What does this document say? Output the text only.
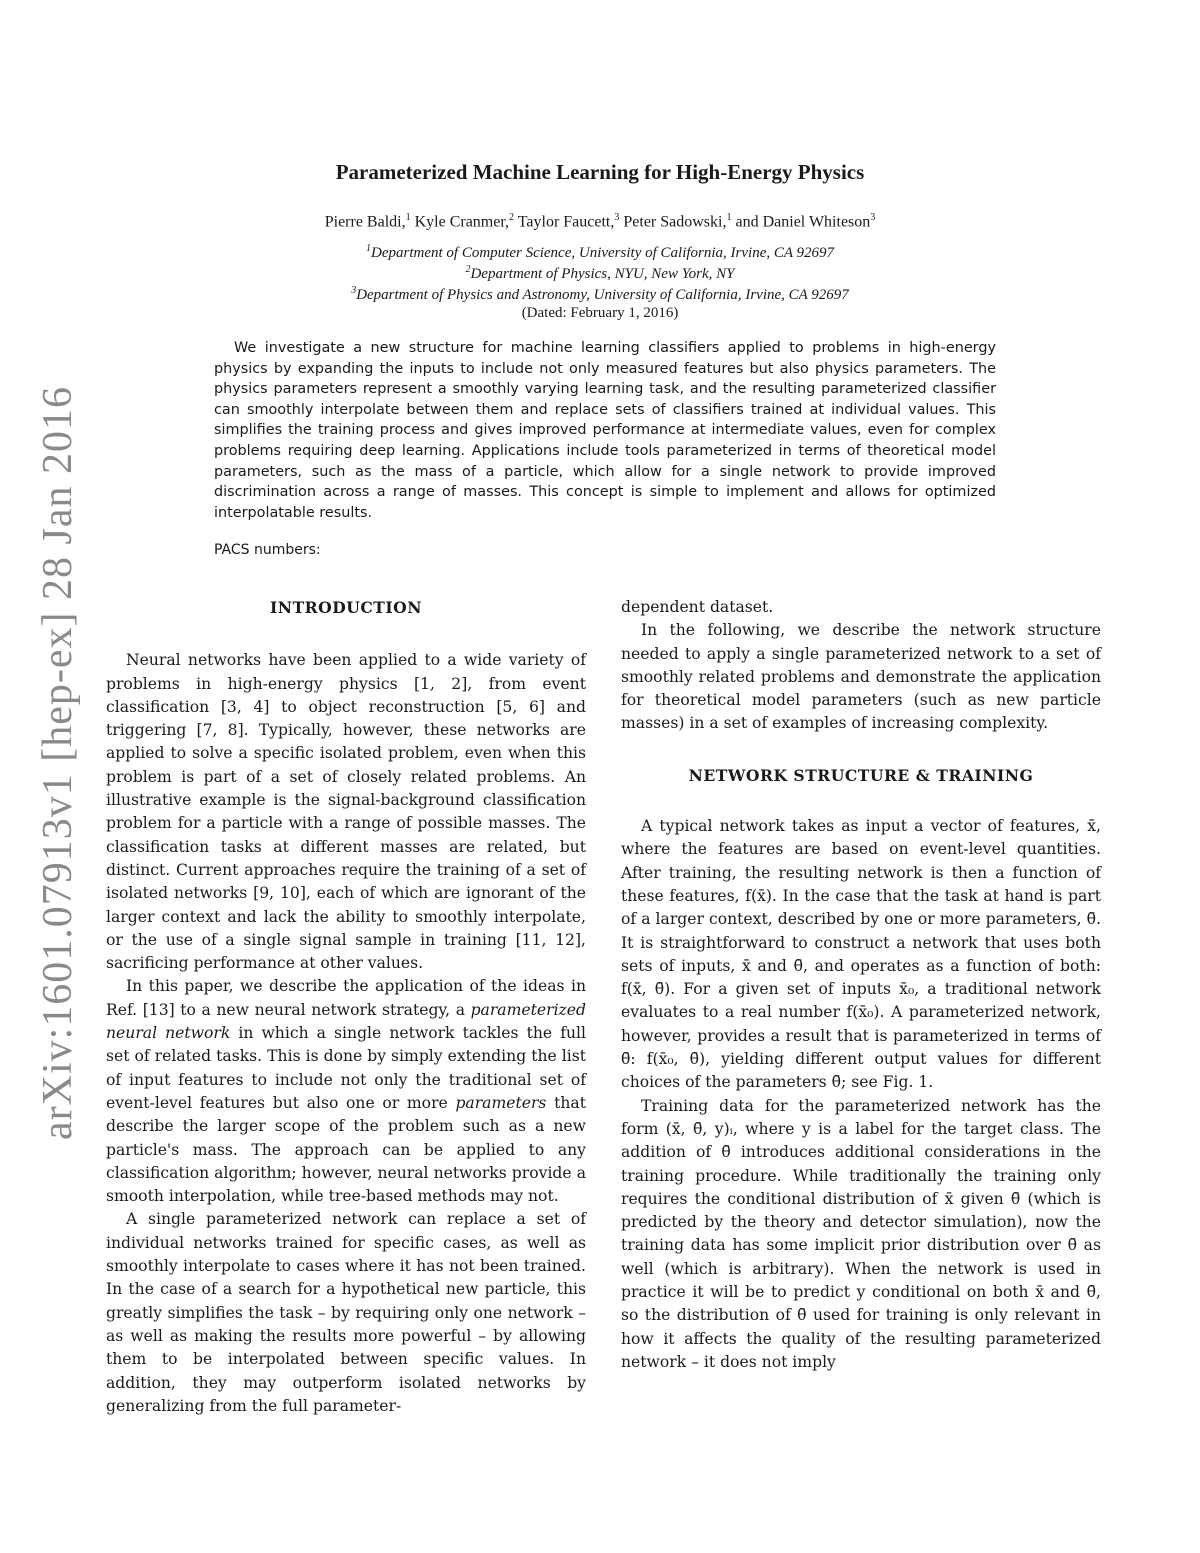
arXiv:1601.07913v1 [hep-ex] 28 Jan 2016
Parameterized Machine Learning for High-Energy Physics
Pierre Baldi,$^1$ Kyle Cranmer,$^2$ Taylor Faucett,$^3$ Peter Sadowski,$^1$ and Daniel Whiteson$^3$
$^1$Department of Computer Science, University of California, Irvine, CA 92697
$^2$Department of Physics, NYU, New York, NY
$^3$Department of Physics and Astronomy, University of California, Irvine, CA 92697
(Dated: February 1, 2016)
We investigate a new structure for machine learning classifiers applied to problems in high-energy physics by expanding the inputs to include not only measured features but also physics parameters. The physics parameters represent a smoothly varying learning task, and the resulting parameterized classifier can smoothly interpolate between them and replace sets of classifiers trained at individual values. This simplifies the training process and gives improved performance at intermediate values, even for complex problems requiring deep learning. Applications include tools parameterized in terms of theoretical model parameters, such as the mass of a particle, which allow for a single network to provide improved discrimination across a range of masses. This concept is simple to implement and allows for optimized interpolatable results.
PACS numbers:
INTRODUCTION

Neural networks have been applied to a wide variety of problems in high-energy physics [1, 2], from event classification [3, 4] to object reconstruction [5, 6] and triggering [7, 8]. Typically, however, these networks are applied to solve a specific isolated problem, even when this problem is part of a set of closely related problems. An illustrative example is the signal-background classification problem for a particle with a range of possible masses. The classification tasks at different masses are related, but distinct. Current approaches require the training of a set of isolated networks [9, 10], each of which are ignorant of the larger context and lack the ability to smoothly interpolate, or the use of a single signal sample in training [11, 12], sacrificing performance at other values.

In this paper, we describe the application of the ideas in Ref. [13] to a new neural network strategy, a parameterized neural network in which a single network tackles the full set of related tasks. This is done by simply extending the list of input features to include not only the traditional set of event-level features but also one or more parameters that describe the larger scope of the problem such as a new particle's mass. The approach can be applied to any classification algorithm; however, neural networks provide a smooth interpolation, while tree-based methods may not.

A single parameterized network can replace a set of individual networks trained for specific cases, as well as smoothly interpolate to cases where it has not been trained. In the case of a search for a hypothetical new particle, this greatly simplifies the task – by requiring only one network – as well as making the results more powerful – by allowing them to be interpolated between specific values. In addition, they may outperform isolated networks by generalizing from the full parameter-

dependent dataset.

In the following, we describe the network structure needed to apply a single parameterized network to a set of smoothly related problems and demonstrate the application for theoretical model parameters (such as new particle masses) in a set of examples of increasing complexity.

NETWORK STRUCTURE & TRAINING

A typical network takes as input a vector of features, x̄, where the features are based on event-level quantities. After training, the resulting network is then a function of these features, f(x̄). In the case that the task at hand is part of a larger context, described by one or more parameters, θ̄. It is straightforward to construct a network that uses both sets of inputs, x̄ and θ̄, and operates as a function of both: f(x̄, θ̄). For a given set of inputs x̄₀, a traditional network evaluates to a real number f(x̄₀). A parameterized network, however, provides a result that is parameterized in terms of θ̄: f(x̄₀, θ̄), yielding different output values for different choices of the parameters θ̄; see Fig. 1.

Training data for the parameterized network has the form (x̄, θ̄, y)ᵢ, where y is a label for the target class. The addition of θ̄ introduces additional considerations in the training procedure. While traditionally the training only requires the conditional distribution of x̄ given θ̄ (which is predicted by the theory and detector simulation), now the training data has some implicit prior distribution over θ̄ as well (which is arbitrary). When the network is used in practice it will be to predict y conditional on both x̄ and θ̄, so the distribution of θ̄ used for training is only relevant in how it affects the quality of the resulting parameterized network – it does not imply
